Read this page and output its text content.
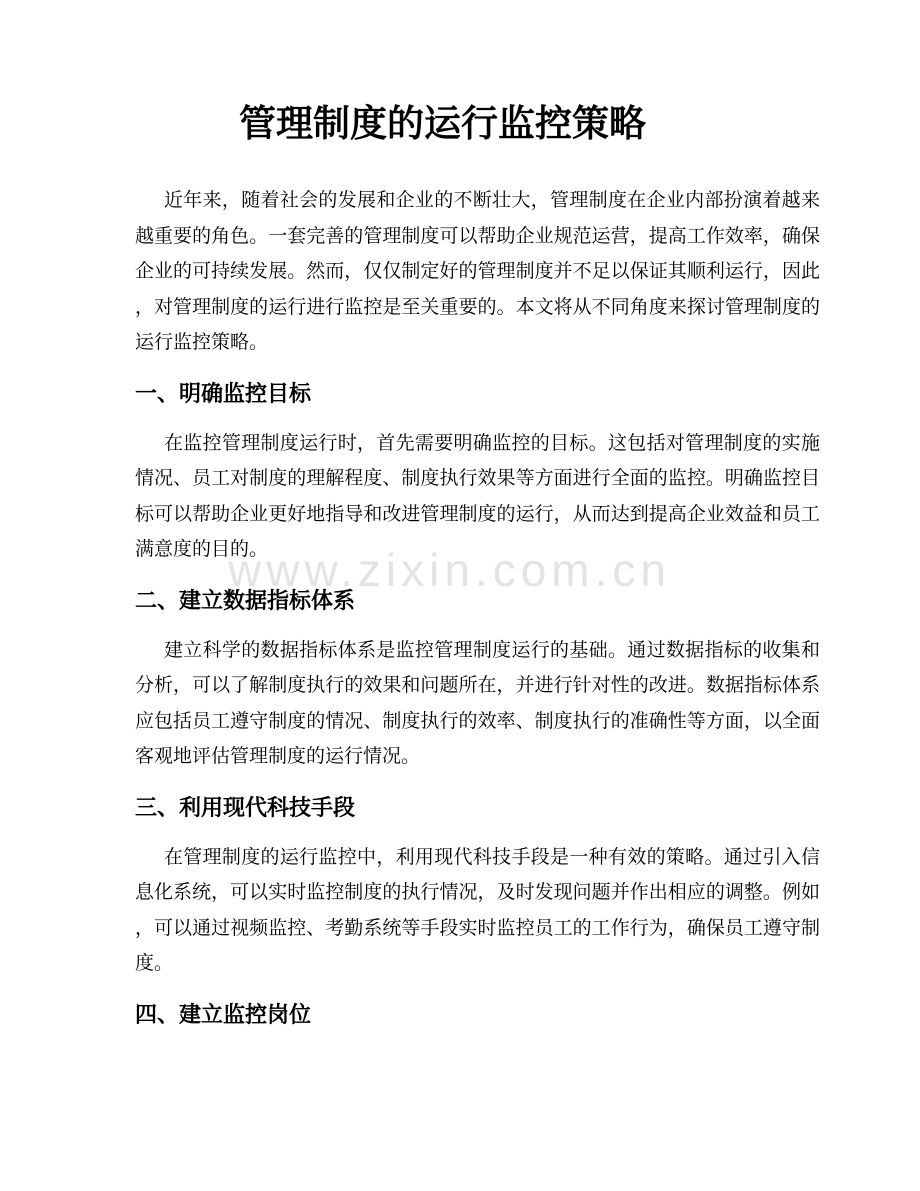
www.zixin.com.cn
管理制度的运行监控策略

近年来，随着社会的发展和企业的不断壮大，管理制度在企业内部扮演着越来越重要的角色。一套完善的管理制度可以帮助企业规范运营，提高工作效率，确保企业的可持续发展。然而，仅仅制定好的管理制度并不足以保证其顺利运行，因此，对管理制度的运行进行监控是至关重要的。本文将从不同角度来探讨管理制度的运行监控策略。

一、明确监控目标

在监控管理制度运行时，首先需要明确监控的目标。这包括对管理制度的实施情况、员工对制度的理解程度、制度执行效果等方面进行全面的监控。明确监控目标可以帮助企业更好地指导和改进管理制度的运行，从而达到提高企业效益和员工满意度的目的。

二、建立数据指标体系

建立科学的数据指标体系是监控管理制度运行的基础。通过数据指标的收集和分析，可以了解制度执行的效果和问题所在，并进行针对性的改进。数据指标体系应包括员工遵守制度的情况、制度执行的效率、制度执行的准确性等方面，以全面客观地评估管理制度的运行情况。

三、利用现代科技手段

在管理制度的运行监控中，利用现代科技手段是一种有效的策略。通过引入信息化系统，可以实时监控制度的执行情况，及时发现问题并作出相应的调整。例如，可以通过视频监控、考勤系统等手段实时监控员工的工作行为，确保员工遵守制度。

四、建立监控岗位
